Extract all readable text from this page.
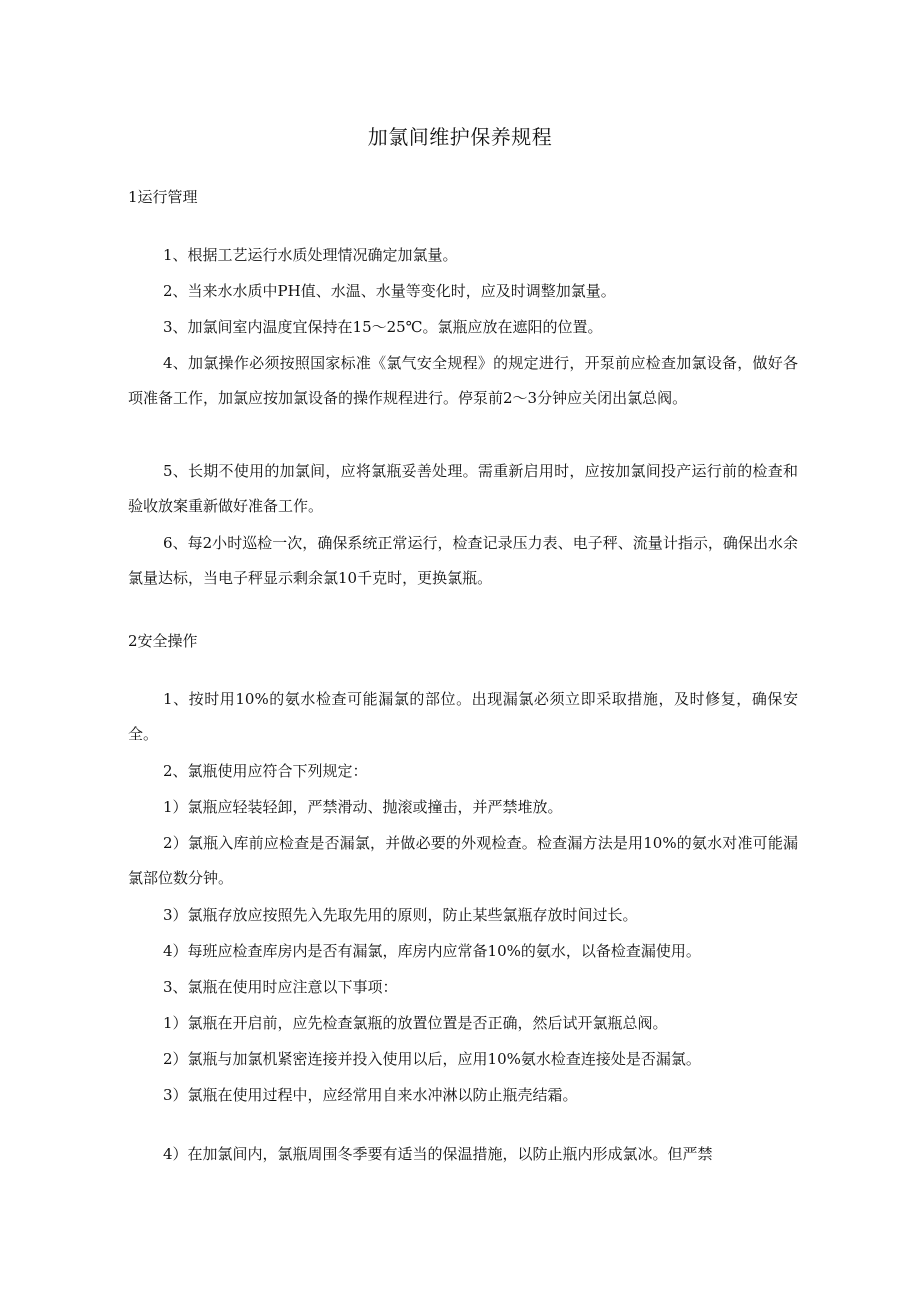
加氯间维护保养规程
1运行管理

1、根据工艺运行水质处理情况确定加氯量。

2、当来水水质中PH值、水温、水量等变化时，应及时调整加氯量。

3、加氯间室内温度宜保持在15～25℃。氯瓶应放在遮阳的位置。

4、加氯操作必须按照国家标准《氯气安全规程》的规定进行，开泵前应检查加氯设备，做好各项准备工作，加氯应按加氯设备的操作规程进行。停泵前2～3分钟应关闭出氯总阀。

5、长期不使用的加氯间，应将氯瓶妥善处理。需重新启用时，应按加氯间投产运行前的检查和验收放案重新做好准备工作。

6、每2小时巡检一次，确保系统正常运行，检查记录压力表、电子秤、流量计指示，确保出水余氯量达标，当电子秤显示剩余氯10千克时，更换氯瓶。

2安全操作

1、按时用10%的氨水检查可能漏氯的部位。出现漏氯必须立即采取措施，及时修复，确保安全。

2、氯瓶使用应符合下列规定：

1）氯瓶应轻装轻卸，严禁滑动、抛滚或撞击，并严禁堆放。

2）氯瓶入库前应检查是否漏氯，并做必要的外观检查。检查漏方法是用10%的氨水对准可能漏氯部位数分钟。

3）氯瓶存放应按照先入先取先用的原则，防止某些氯瓶存放时间过长。

4）每班应检查库房内是否有漏氯，库房内应常备10%的氨水，以备检查漏使用。

3、氯瓶在使用时应注意以下事项：

1）氯瓶在开启前，应先检查氯瓶的放置位置是否正确，然后试开氯瓶总阀。

2）氯瓶与加氯机紧密连接并投入使用以后，应用10%氨水检查连接处是否漏氯。

3）氯瓶在使用过程中，应经常用自来水冲淋以防止瓶壳结霜。

4）在加氯间内，氯瓶周围冬季要有适当的保温措施，以防止瓶内形成氯冰。但严禁
